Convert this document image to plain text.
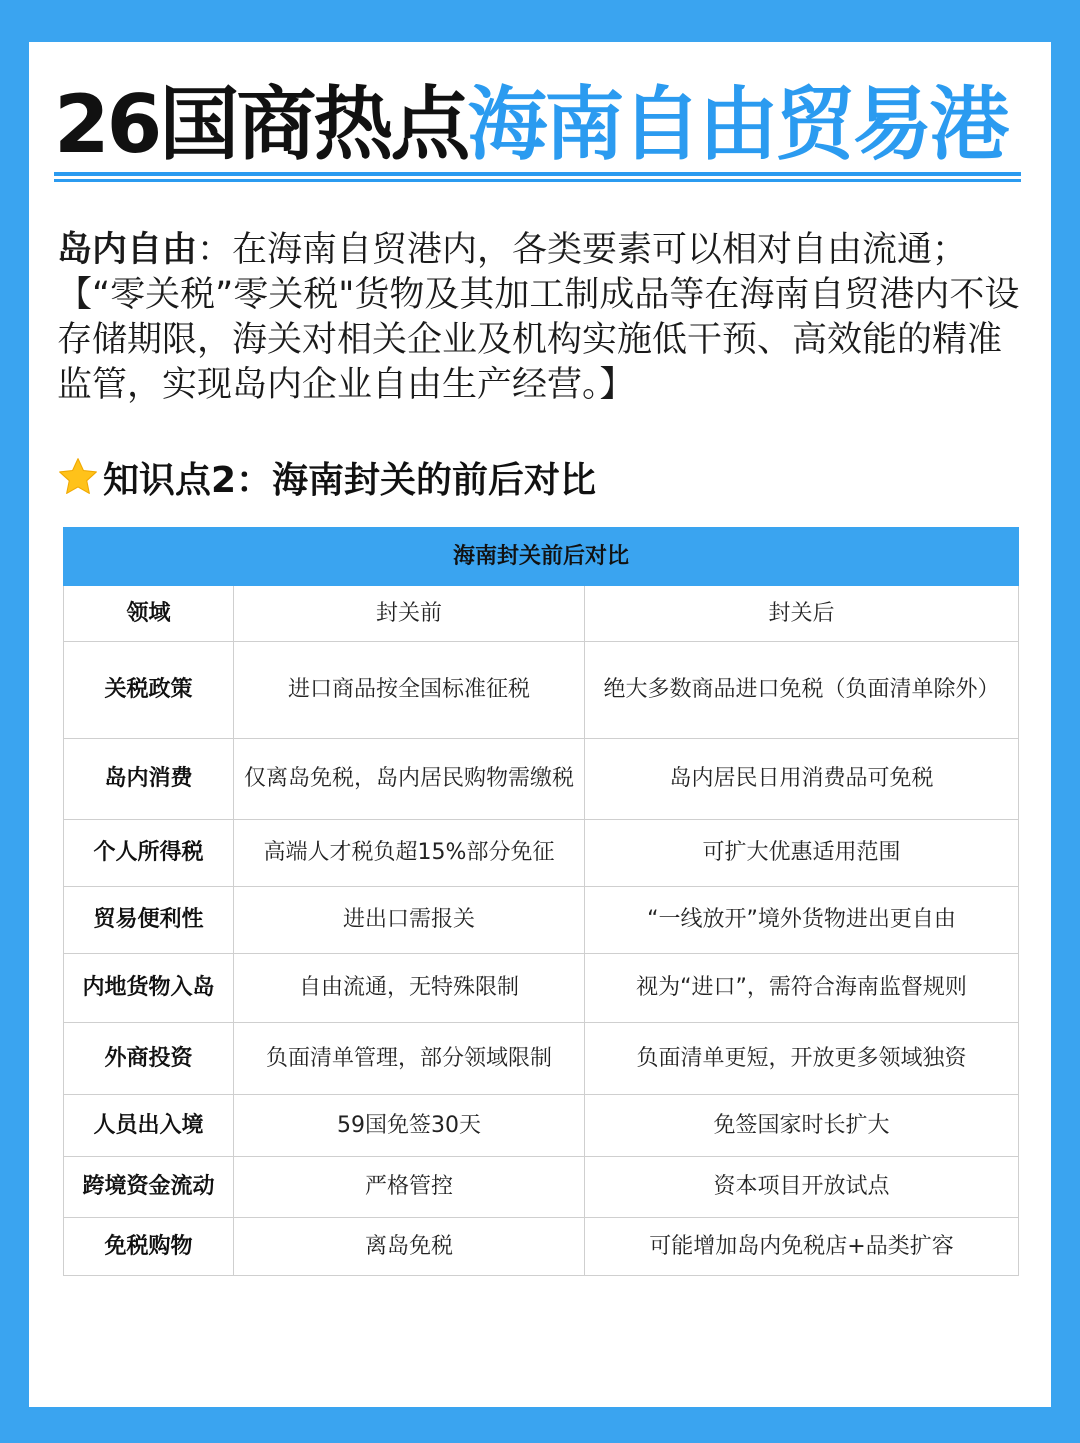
26国商热点海南自由贸易港
岛内自由：在海南自贸港内，各类要素可以相对自由流通；【“零关税”零关税"货物及其加工制成品等在海南自贸港内不设存储期限，海关对相关企业及机构实施低干预、高效能的精准监管，实现岛内企业自由生产经营。】
知识点2：海南封关的前后对比
海南封关前后对比		
领域	封关前	封关后
关税政策	进口商品按全国标准征税	绝大多数商品进口免税（负面清单除外）
岛内消费	仅离岛免税，岛内居民购物需缴税	岛内居民日用消费品可免税
个人所得税	高端人才税负超15%部分免征	可扩大优惠适用范围
贸易便利性	进出口需报关	“一线放开”境外货物进出更自由
内地货物入岛	自由流通，无特殊限制	视为“进口”，需符合海南监督规则
外商投资	负面清单管理，部分领域限制	负面清单更短，开放更多领域独资
人员出入境	59国免签30天	免签国家时长扩大
跨境资金流动	严格管控	资本项目开放试点
免税购物	离岛免税	可能增加岛内免税店+品类扩容
